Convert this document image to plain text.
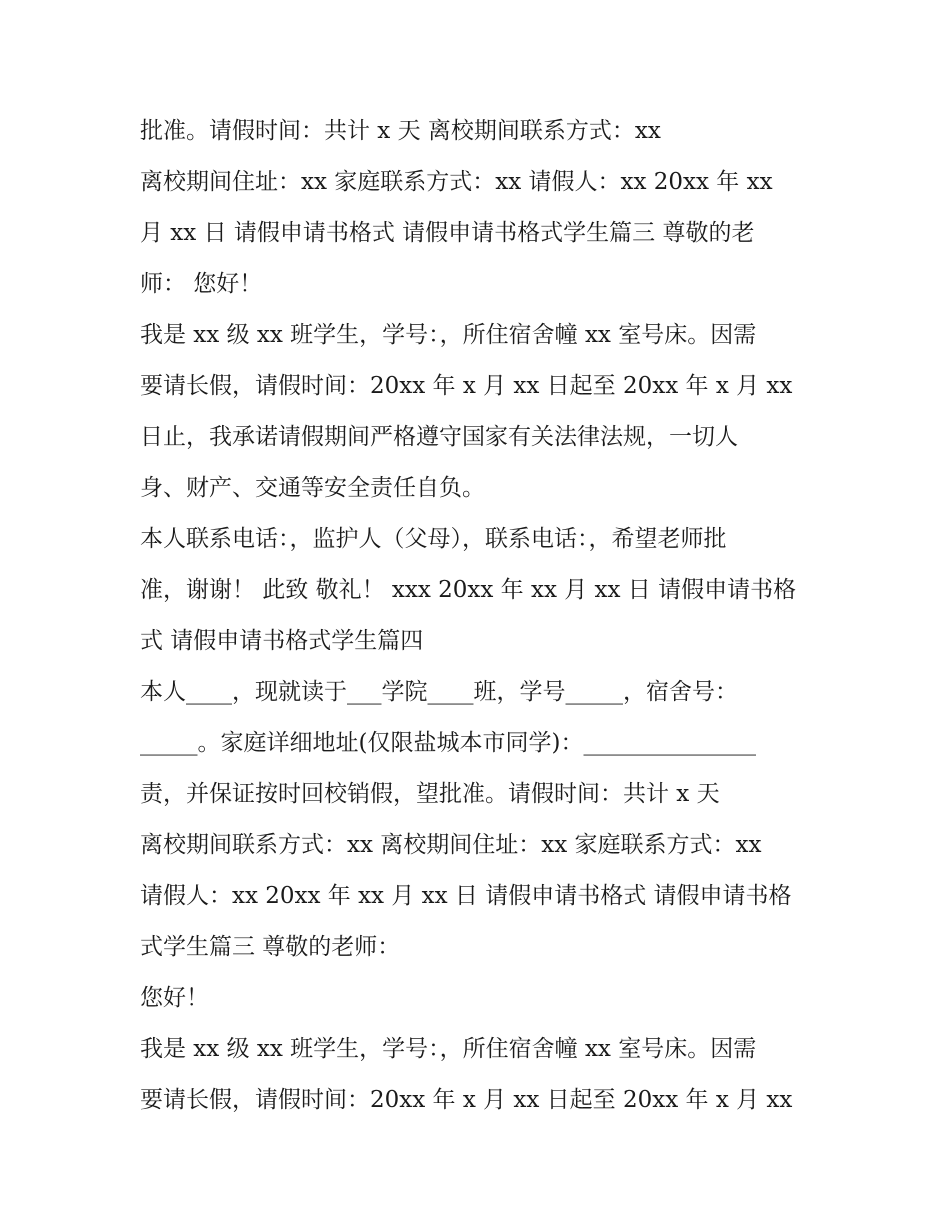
批准。请假时间：共计 x 天 离校期间联系方式：xx
离校期间住址：xx 家庭联系方式：xx 请假人：xx 20xx 年 xx
月 xx 日 请假申请书格式 请假申请书格式学生篇三 尊敬的老
师： 您好！
我是 xx 级 xx 班学生，学号：，所住宿舍幢 xx 室号床。因需
要请长假，请假时间：20xx 年 x 月 xx 日起至 20xx 年 x 月 xx
日止，我承诺请假期间严格遵守国家有关法律法规，一切人
身、财产、交通等安全责任自负。
本人联系电话：，监护人（父母），联系电话：，希望老师批
准，谢谢！ 此致 敬礼！ xxx 20xx 年 xx 月 xx 日 请假申请书格
式 请假申请书格式学生篇四
本人____，现就读于___学院____班，学号_____，宿舍号：
_____。家庭详细地址(仅限盐城本市同学)：_______________
责，并保证按时回校销假，望批准。请假时间：共计 x 天
离校期间联系方式：xx 离校期间住址：xx 家庭联系方式：xx
请假人：xx 20xx 年 xx 月 xx 日 请假申请书格式 请假申请书格
式学生篇三 尊敬的老师：
您好！
我是 xx 级 xx 班学生，学号：，所住宿舍幢 xx 室号床。因需
要请长假，请假时间：20xx 年 x 月 xx 日起至 20xx 年 x 月 xx
